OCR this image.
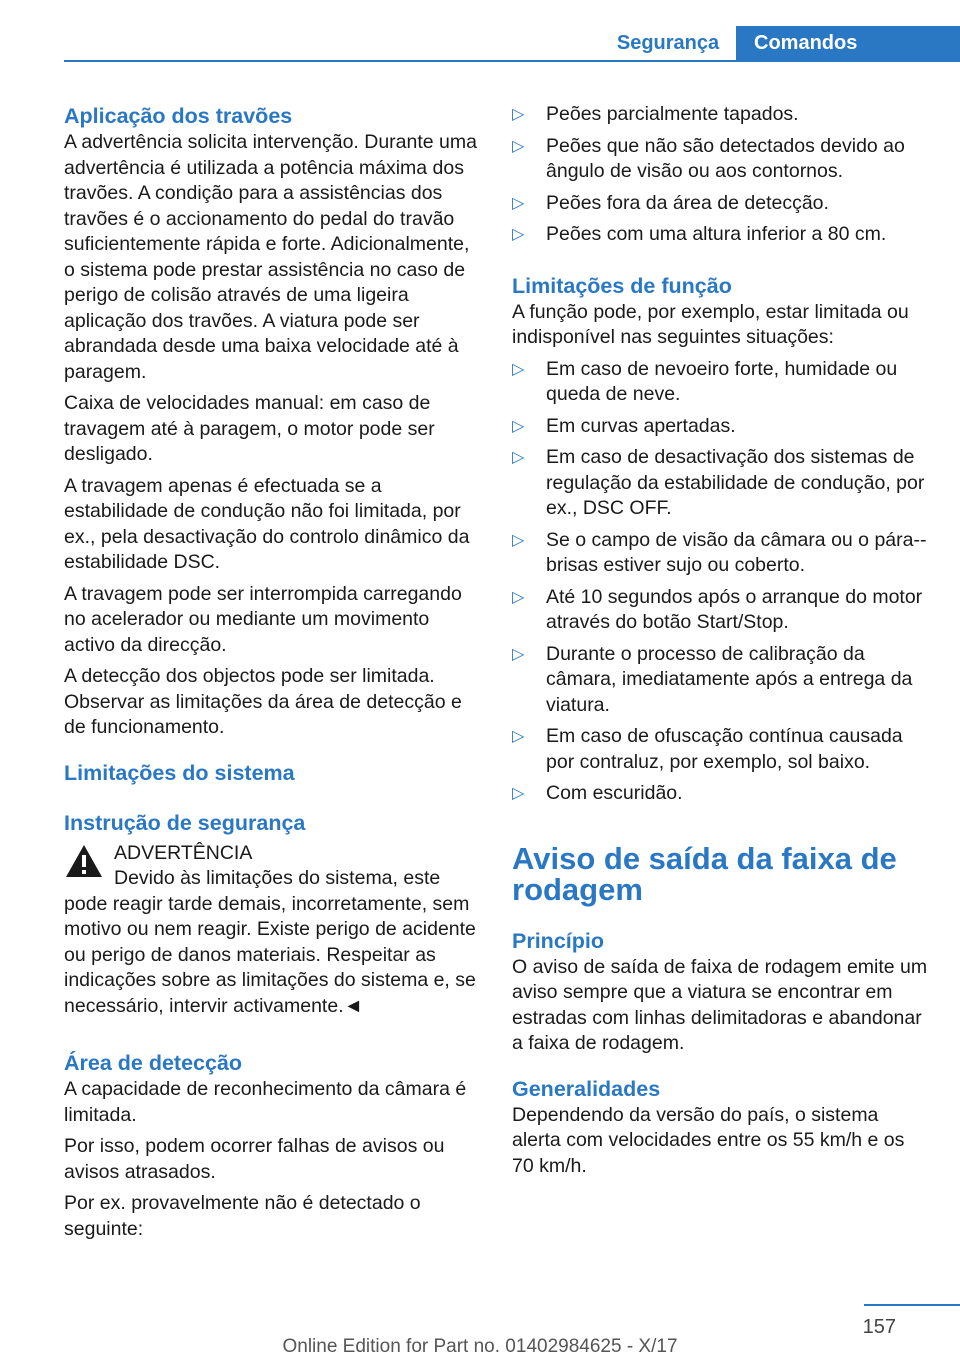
Segurança	Comandos
Aplicação dos travões

A advertência solicita intervenção. Durante uma advertência é utilizada a potência máxima dos travões. A condição para a assistências dos travões é o accionamento do pedal do travão suficientemente rápida e forte. Adicionalmente, o sistema pode prestar assistência no caso de perigo de colisão através de uma ligeira aplicação dos travões. A viatura pode ser abrandada desde uma baixa velocidade até à paragem.

Caixa de velocidades manual: em caso de travagem até à paragem, o motor pode ser desligado.

A travagem apenas é efectuada se a estabilidade de condução não foi limitada, por ex., pela desactivação do controlo dinâmico da estabilidade DSC.

A travagem pode ser interrompida carregando no acelerador ou mediante um movimento activo da direcção.

A detecção dos objectos pode ser limitada. Observar as limitações da área de detecção e de funcionamento.

Limitações do sistema
Instrução de segurança
ADVERTÊNCIA
Devido às limitações do sistema, este
pode reagir tarde demais, incorretamente, sem motivo ou nem reagir. Existe perigo de acidente ou perigo de danos materiais. Respeitar as indicações sobre as limitações do sistema e, se necessário, intervir activamente.◄
Área de detecção

A capacidade de reconhecimento da câmara é limitada.

Por isso, podem ocorrer falhas de avisos ou avisos atrasados.

Por ex. provavelmente não é detectado o seguinte:

▷ Peões parcialmente tapados.
▷ Peões que não são detectados devido ao ângulo de visão ou aos contornos.
▷ Peões fora da área de detecção.
▷ Peões com uma altura inferior a 80 cm.
Limitações de função

A função pode, por exemplo, estar limitada ou indisponível nas seguintes situações:

▷ Em caso de nevoeiro forte, humidade ou queda de neve.
▷ Em curvas apertadas.
▷ Em caso de desactivação dos sistemas de regulação da estabilidade de condução, por ex., DSC OFF.
▷ Se o campo de visão da câmara ou o pára--brisas estiver sujo ou coberto.
▷ Até 10 segundos após o arranque do motor através do botão Start/Stop.
▷ Durante o processo de calibração da câmara, imediatamente após a entrega da viatura.
▷ Em caso de ofuscação contínua causada por contraluz, por exemplo, sol baixo.
▷ Com escuridão.
Aviso de saída da faixa de rodagem
Princípio

O aviso de saída de faixa de rodagem emite um aviso sempre que a viatura se encontrar em estradas com linhas delimitadoras e abandonar a faixa de rodagem.

Generalidades

Dependendo da versão do país, o sistema alerta com velocidades entre os 55 km/h e os 70 km/h.

157
Online Edition for Part no. 01402984625 - X/17
